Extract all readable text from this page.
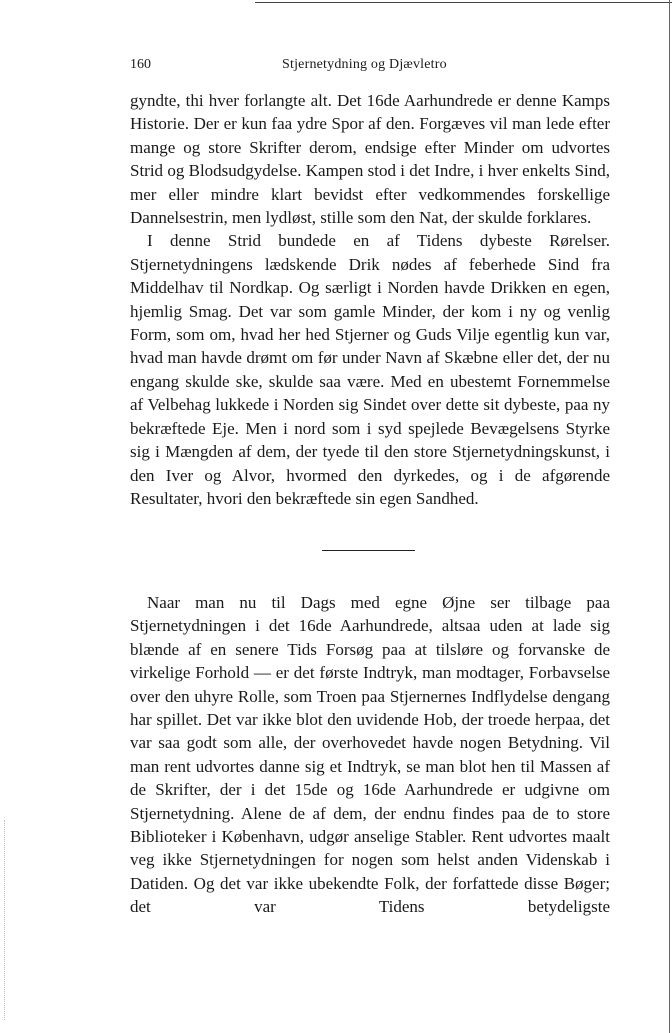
160	Stjernetydning og Djævletro

gyndte, thi hver forlangte alt. Det 16de Aarhundrede er denne Kamps Historie. Der er kun faa ydre Spor af den. Forgæves vil man lede efter mange og store Skrifter derom, endsige efter Minder om udvortes Strid og Blodsudgydelse. Kampen stod i det Indre, i hver enkelts Sind, mer eller mindre klart bevidst efter vedkommendes forskellige Dannelsestrin, men lydløst, stille som den Nat, der skulde forklares.

I denne Strid bundede en af Tidens dybeste Rørelser. Stjernetydningens lædskende Drik nødes af feberhede Sind fra Middelhav til Nordkap. Og særligt i Norden havde Drikken en egen, hjemlig Smag. Det var som gamle Minder, der kom i ny og venlig Form, som om, hvad her hed Stjerner og Guds Vilje egentlig kun var, hvad man havde drømt om før under Navn af Skæbne eller det, der nu engang skulde ske, skulde saa være. Med en ubestemt Fornemmelse af Velbehag lukkede i Norden sig Sindet over dette sit dybeste, paa ny bekræftede Eje. Men i nord som i syd spejlede Bevægelsens Styrke sig i Mængden af dem, der tyede til den store Stjernetydningskunst, i den Iver og Alvor, hvormed den dyrkedes, og i de afgørende Resultater, hvori den bekræftede sin egen Sandhed.

Naar man nu til Dags med egne Øjne ser tilbage paa Stjernetydningen i det 16de Aarhundrede, altsaa uden at lade sig blænde af en senere Tids Forsøg paa at tilsløre og forvanske de virkelige Forhold — er det første Indtryk, man modtager, Forbavselse over den uhyre Rolle, som Troen paa Stjernernes Indflydelse dengang har spillet. Det var ikke blot den uvidende Hob, der troede herpaa, det var saa godt som alle, der overhovedet havde nogen Betydning. Vil man rent udvortes danne sig et Indtryk, se man blot hen til Massen af de Skrifter, der i det 15de og 16de Aarhundrede er udgivne om Stjernetydning. Alene de af dem, der endnu findes paa de to store Biblioteker i København, udgør anselige Stabler. Rent udvortes maalt veg ikke Stjernetydningen for nogen som helst anden Videnskab i Datiden. Og det var ikke ubekendte Folk, der forfattede disse Bøger; det var Tidens betydeligste
